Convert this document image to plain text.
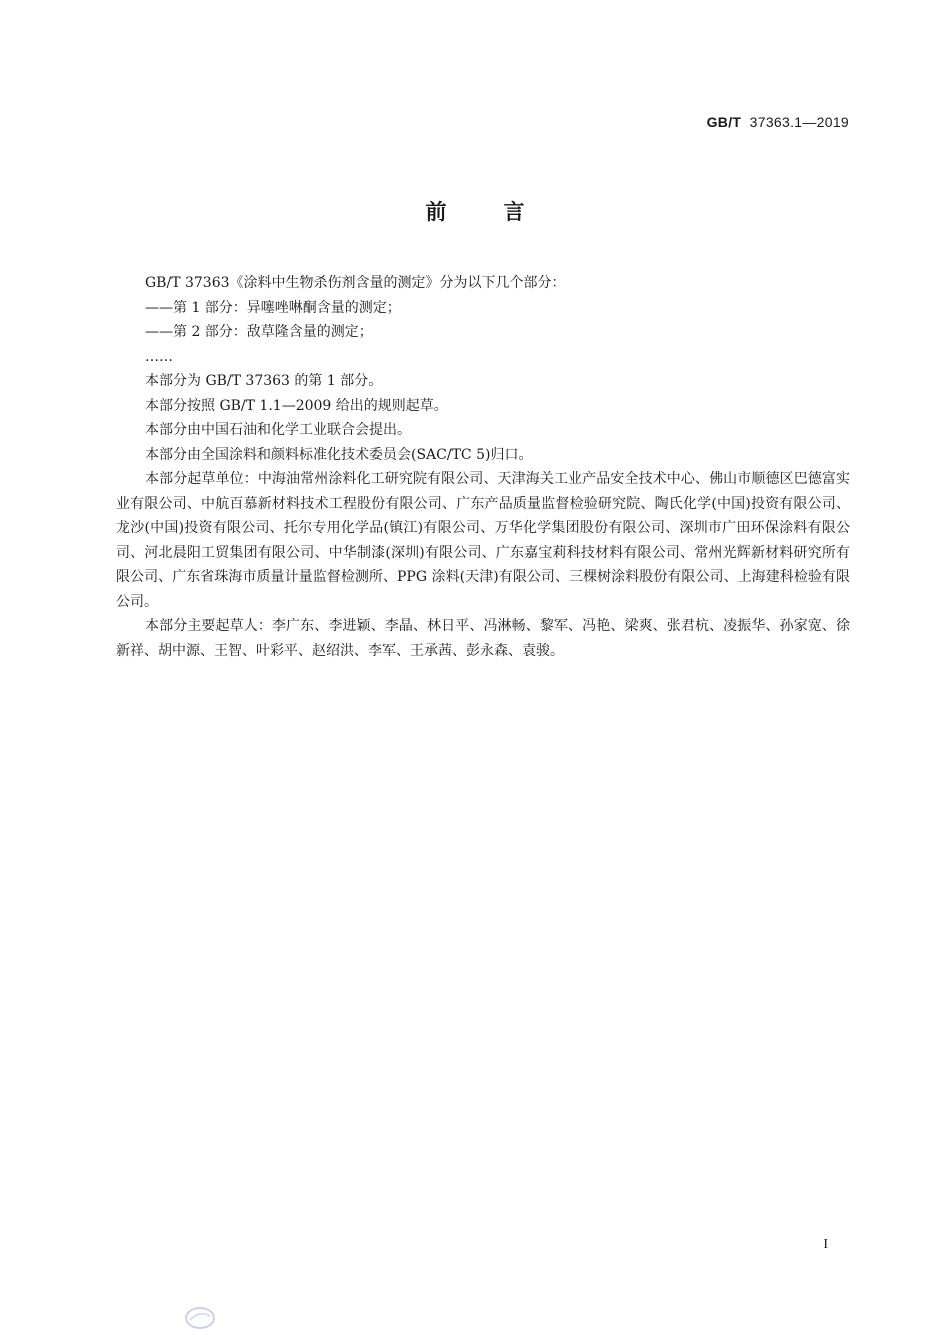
GB/T 37363.1—2019
前	言

GB/T 37363《涂料中生物杀伤剂含量的测定》分为以下几个部分：

——第 1 部分：异噻唑啉酮含量的测定；

——第 2 部分：敌草隆含量的测定；

……

本部分为 GB/T 37363 的第 1 部分。

本部分按照 GB/T 1.1—2009 给出的规则起草。

本部分由中国石油和化学工业联合会提出。

本部分由全国涂料和颜料标准化技术委员会(SAC/TC 5)归口。

本部分起草单位：中海油常州涂料化工研究院有限公司、天津海关工业产品安全技术中心、佛山市顺德区巴德富实业有限公司、中航百慕新材料技术工程股份有限公司、广东产品质量监督检验研究院、陶氏化学(中国)投资有限公司、龙沙(中国)投资有限公司、托尔专用化学品(镇江)有限公司、万华化学集团股份有限公司、深圳市广田环保涂料有限公司、河北晨阳工贸集团有限公司、中华制漆(深圳)有限公司、广东嘉宝莉科技材料有限公司、常州光辉新材料研究所有限公司、广东省珠海市质量计量监督检测所、PPG 涂料(天津)有限公司、三棵树涂料股份有限公司、上海建科检验有限公司。

本部分主要起草人：李广东、李进颖、李晶、林日平、冯淋畅、黎军、冯艳、梁爽、张君杭、凌振华、孙家宽、徐新祥、胡中源、王智、叶彩平、赵绍洪、李军、王承茜、彭永森、袁骏。

I
